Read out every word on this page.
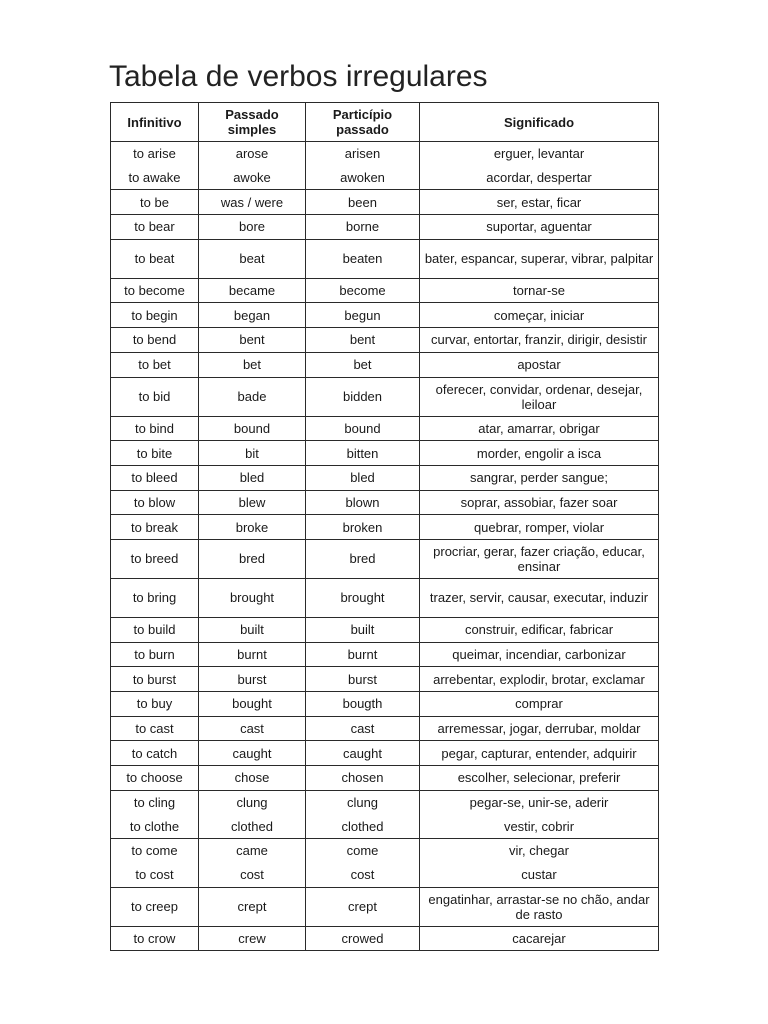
Tabela de verbos irregulares
Infinitivo	Passado simples	Particípio passado	Significado
to arise	arose	arisen	erguer, levantar
to awake	awoke	awoken	acordar, despertar
to be	was / were	been	ser, estar, ficar
to bear	bore	borne	suportar, aguentar
to beat	beat	beaten	bater, espancar, superar, vibrar, palpitar
to become	became	become	tornar-se
to begin	began	begun	começar, iniciar
to bend	bent	bent	curvar, entortar, franzir, dirigir, desistir
to bet	bet	bet	apostar
to bid	bade	bidden	oferecer, convidar, ordenar, desejar, leiloar
to bind	bound	bound	atar, amarrar, obrigar
to bite	bit	bitten	morder, engolir a isca
to bleed	bled	bled	sangrar, perder sangue;
to blow	blew	blown	soprar, assobiar, fazer soar
to break	broke	broken	quebrar, romper, violar
to breed	bred	bred	procriar, gerar, fazer criação, educar, ensinar
to bring	brought	brought	trazer, servir, causar, executar, induzir
to build	built	built	construir, edificar, fabricar
to burn	burnt	burnt	queimar, incendiar, carbonizar
to burst	burst	burst	arrebentar, explodir, brotar, exclamar
to buy	bought	bougth	comprar
to cast	cast	cast	arremessar, jogar, derrubar, moldar
to catch	caught	caught	pegar, capturar, entender, adquirir
to choose	chose	chosen	escolher, selecionar, preferir
to cling	clung	clung	pegar-se, unir-se, aderir
to clothe	clothed	clothed	vestir, cobrir
to come	came	come	vir, chegar
to cost	cost	cost	custar
to creep	crept	crept	engatinhar, arrastar-se no chão, andar de rasto
to crow	crew	crowed	cacarejar
